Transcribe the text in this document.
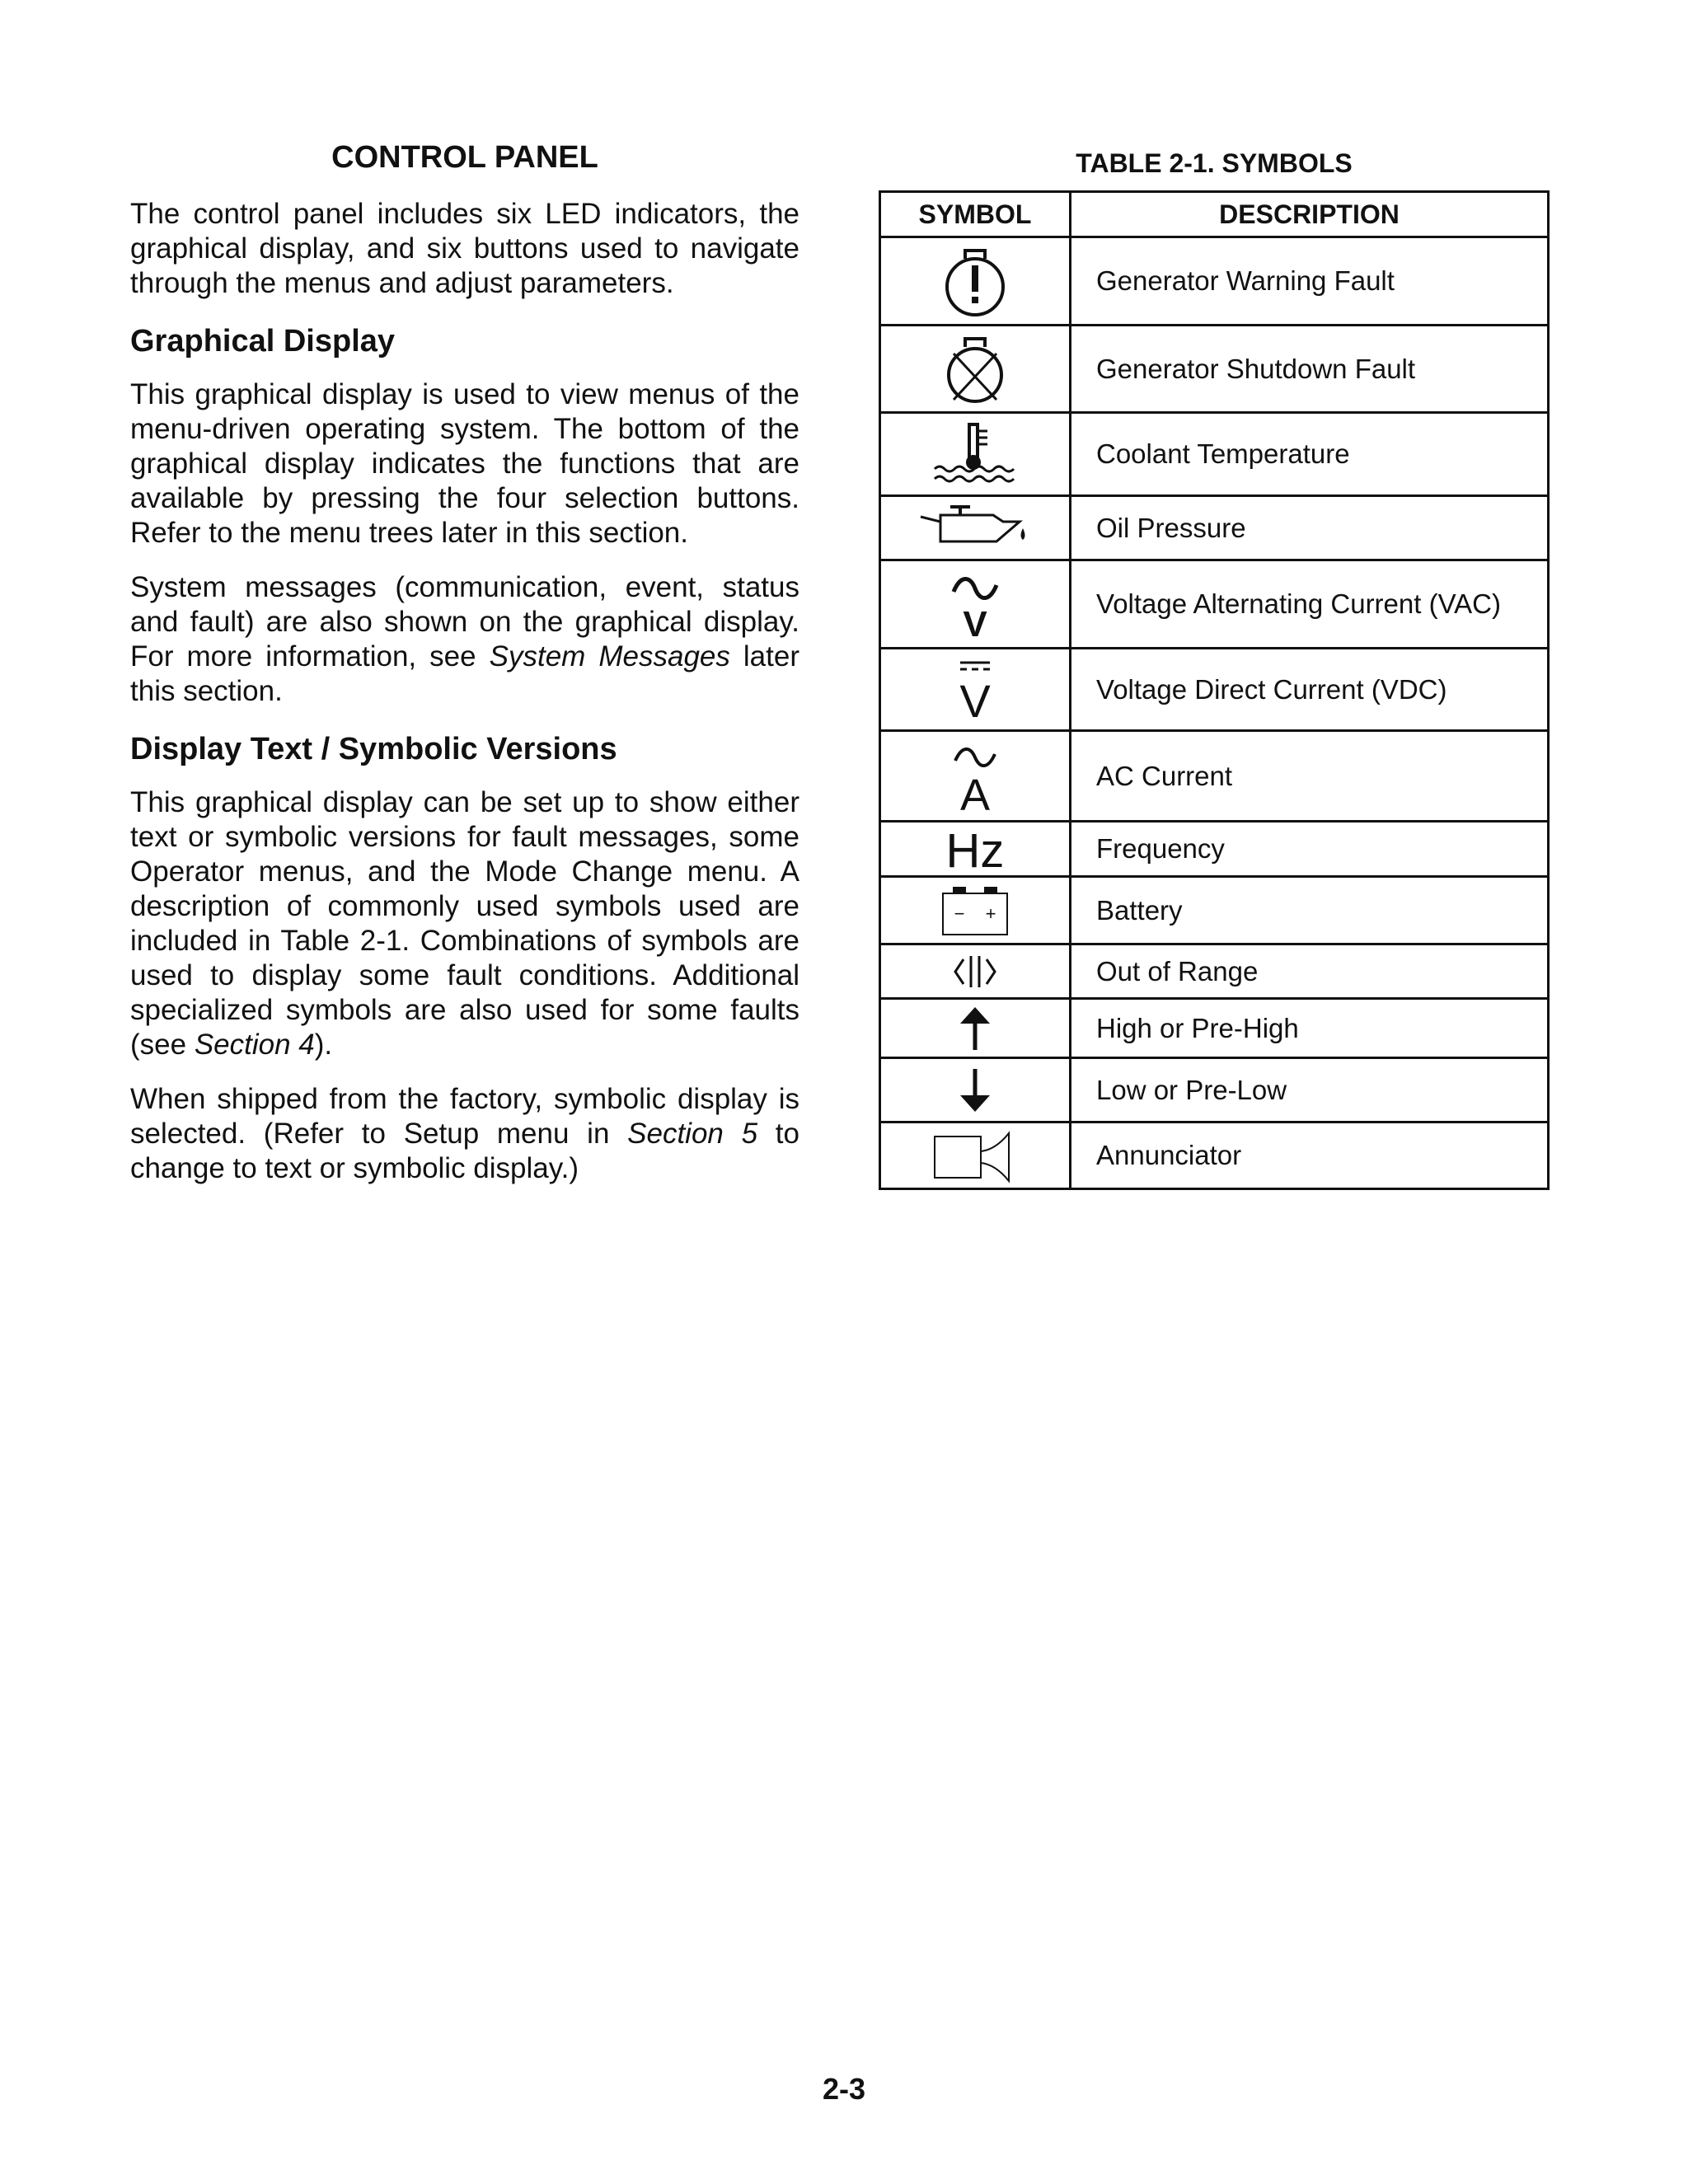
CONTROL PANEL

The control panel includes six LED indicators, the graphical display, and six buttons used to navigate through the menus and adjust parameters.

Graphical Display

This graphical display is used to view menus of the menu-driven operating system. The bottom of the graphical display indicates the functions that are available by pressing the four selection buttons. Refer to the menu trees later in this section.

System messages (communication, event, status and fault) are also shown on the graphical display. For more information, see System Messages later this section.

Display Text / Symbolic Versions

This graphical display can be set up to show either text or symbolic versions for fault messages, some Operator menus, and the Mode Change menu. A description of commonly used symbols used are included in Table 2-1. Combinations of symbols are used to display some fault conditions. Additional specialized symbols are also used for some faults (see Section 4).

When shipped from the factory, symbolic display is selected. (Refer to Setup menu in Section 5 to change to text or symbolic display.)

TABLE 2-1. SYMBOLS
SYMBOL	DESCRIPTION

	Generator Warning Fault

	Generator Shutdown Fault

	Coolant Temperature

	Oil Pressure

V	Voltage Alternating Current (VAC)

V	Voltage Direct Current (VDC)

A	AC Current

Hz	Frequency

− +	Battery

	Out of Range

	High or Pre-High

	Low or Pre-Low

	Annunciator
2-3
